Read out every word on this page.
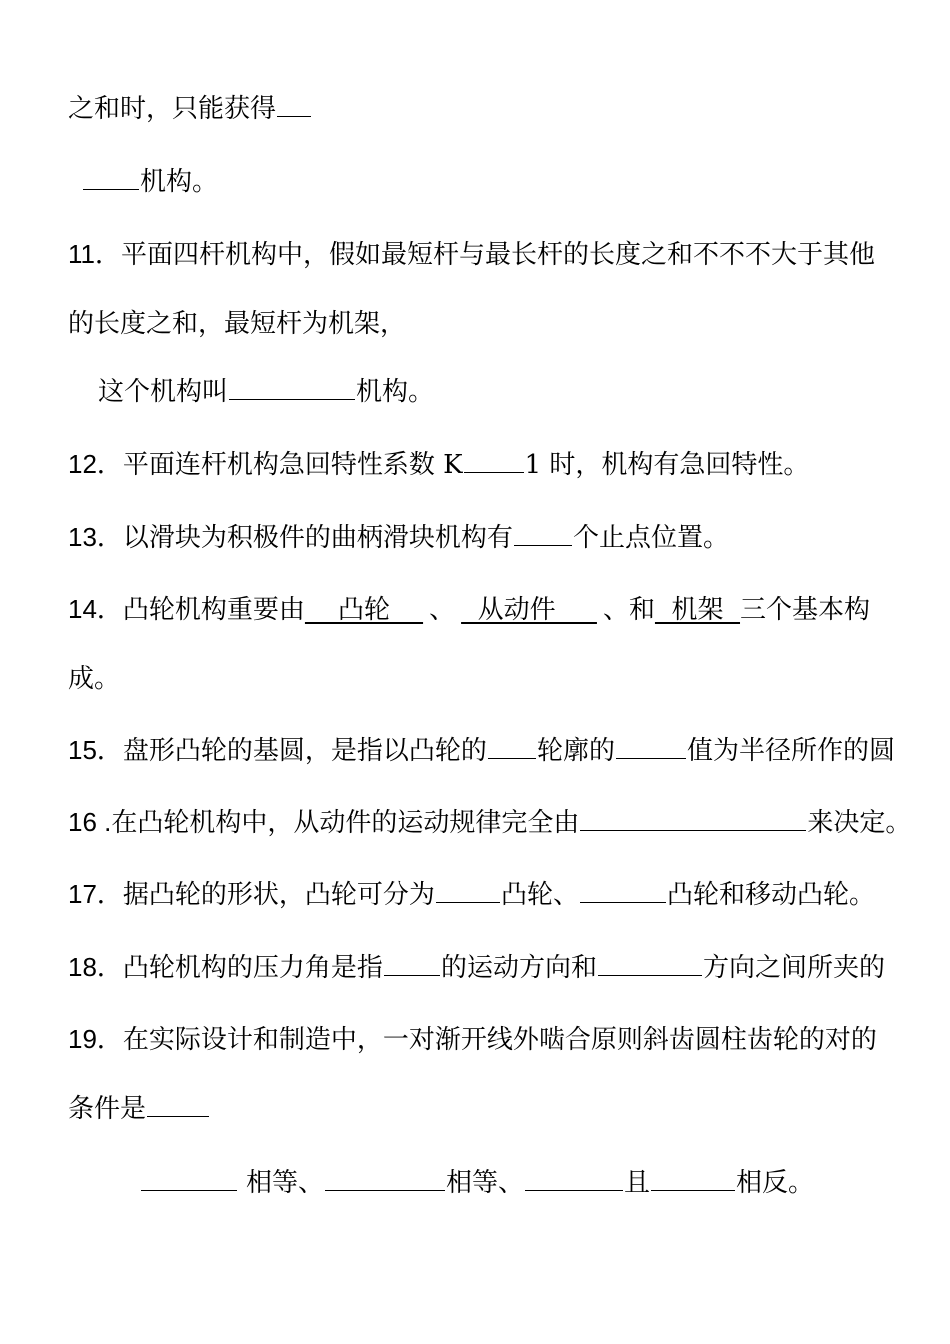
之和时，只能获得
机构。
11．平面四杆机构中，假如最短杆与最长杆的长度之和不不不大于其他
的长度之和，最短杆为机架，
这个机构叫	机构。
12．平面连杆机构急回特性系数 K 1 时，机构有急回特性。
13．以滑块为积极件的曲柄滑块机构有 个止点位置。
14．凸轮机构重要由    凸轮    、  从动件     、和  机架  三个基本构
成。
15．盘形凸轮的基圆，是指以凸轮的 轮廓的	值为半径所作的圆
16 .在凸轮机构中，从动件的运动规律完全由	来决定。
17．据凸轮的形状，凸轮可分为	凸轮、	凸轮和移动凸轮。
18．凸轮机构的压力角是指 的运动方向和	方向之间所夹的
19．在实际设计和制造中，一对渐开线外啮合原则斜齿圆柱齿轮的对的
条件是
相等、	相等、	且	相反。
